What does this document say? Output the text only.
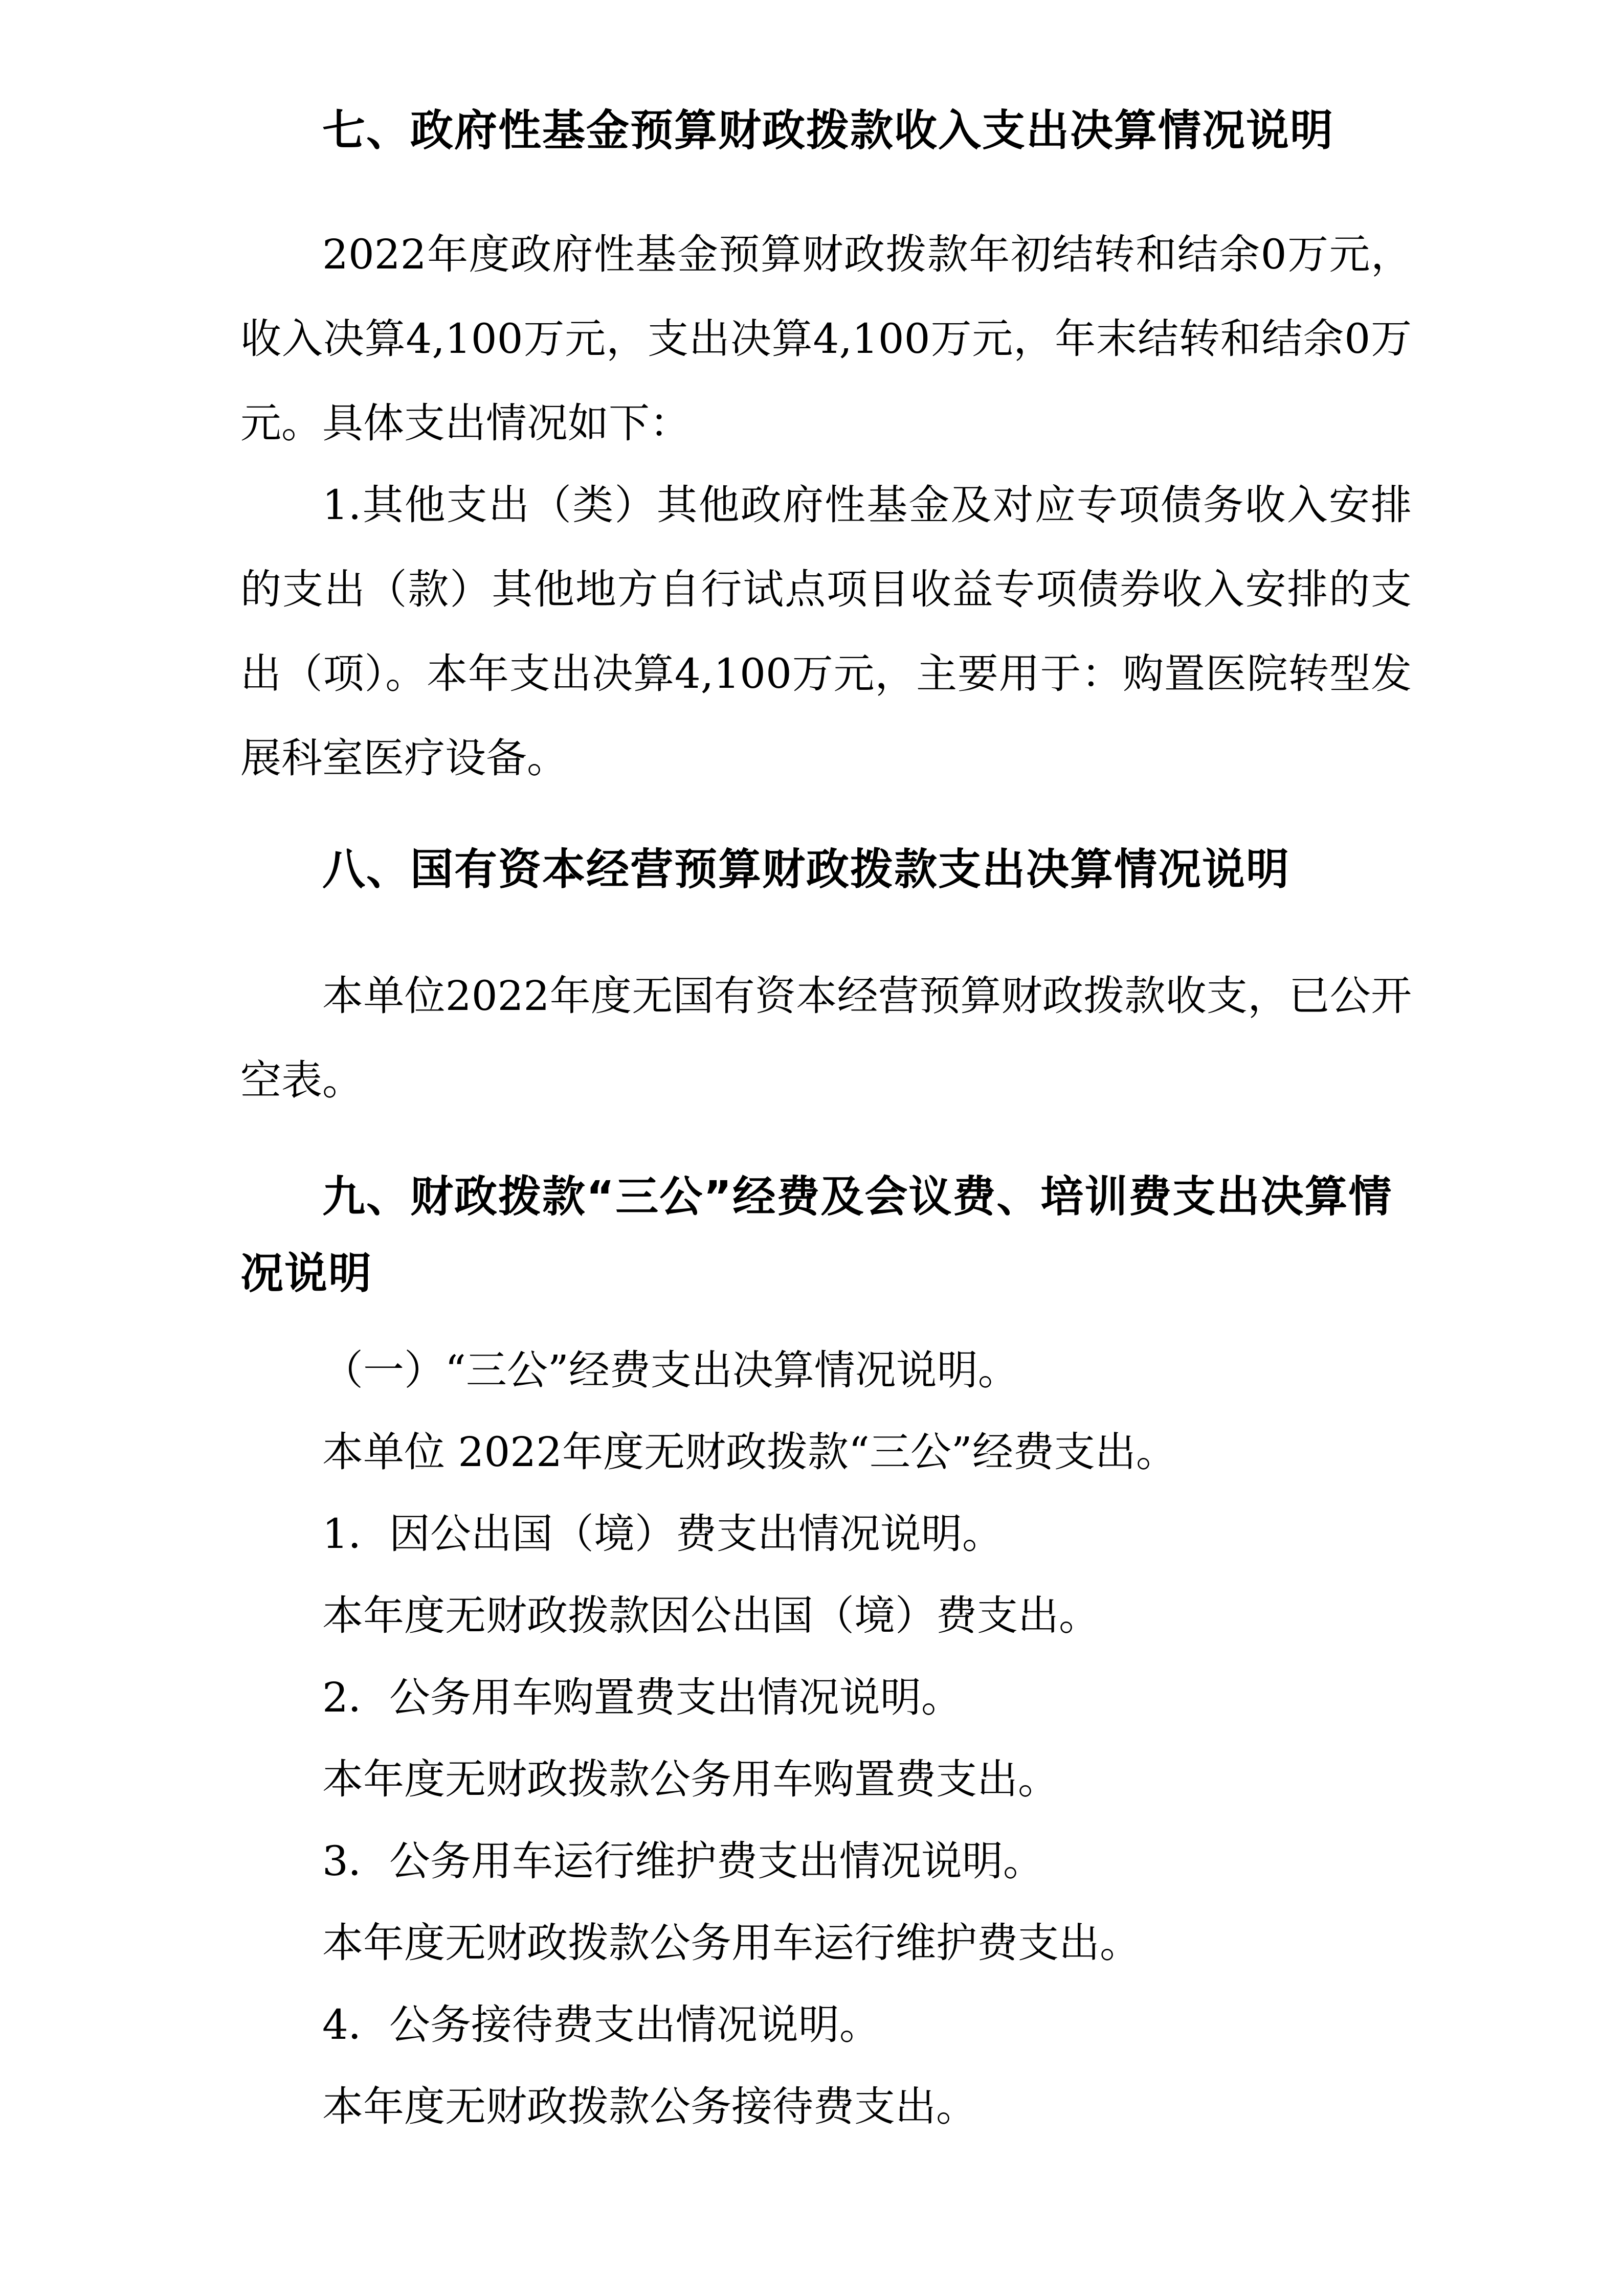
七、政府性基金预算财政拨款收入支出决算情况说明

2022年度政府性基金预算财政拨款年初结转和结余0万元，收入决算4,100万元，支出决算4,100万元，年末结转和结余0万元。具体支出情况如下：

1.其他支出（类）其他政府性基金及对应专项债务收入安排的支出（款）其他地方自行试点项目收益专项债券收入安排的支出（项）。本年支出决算4,100万元，主要用于：购置医院转型发展科室医疗设备。

八、国有资本经营预算财政拨款支出决算情况说明

本单位2022年度无国有资本经营预算财政拨款收支，已公开空表。

九、财政拨款“三公”经费及会议费、培训费支出决算情况说明

（一）“三公”经费支出决算情况说明。

本单位 2022年度无财政拨款“三公”经费支出。

1．因公出国（境）费支出情况说明。

本年度无财政拨款因公出国（境）费支出。

2．公务用车购置费支出情况说明。

本年度无财政拨款公务用车购置费支出。

3．公务用车运行维护费支出情况说明。

本年度无财政拨款公务用车运行维护费支出。

4．公务接待费支出情况说明。

本年度无财政拨款公务接待费支出。
